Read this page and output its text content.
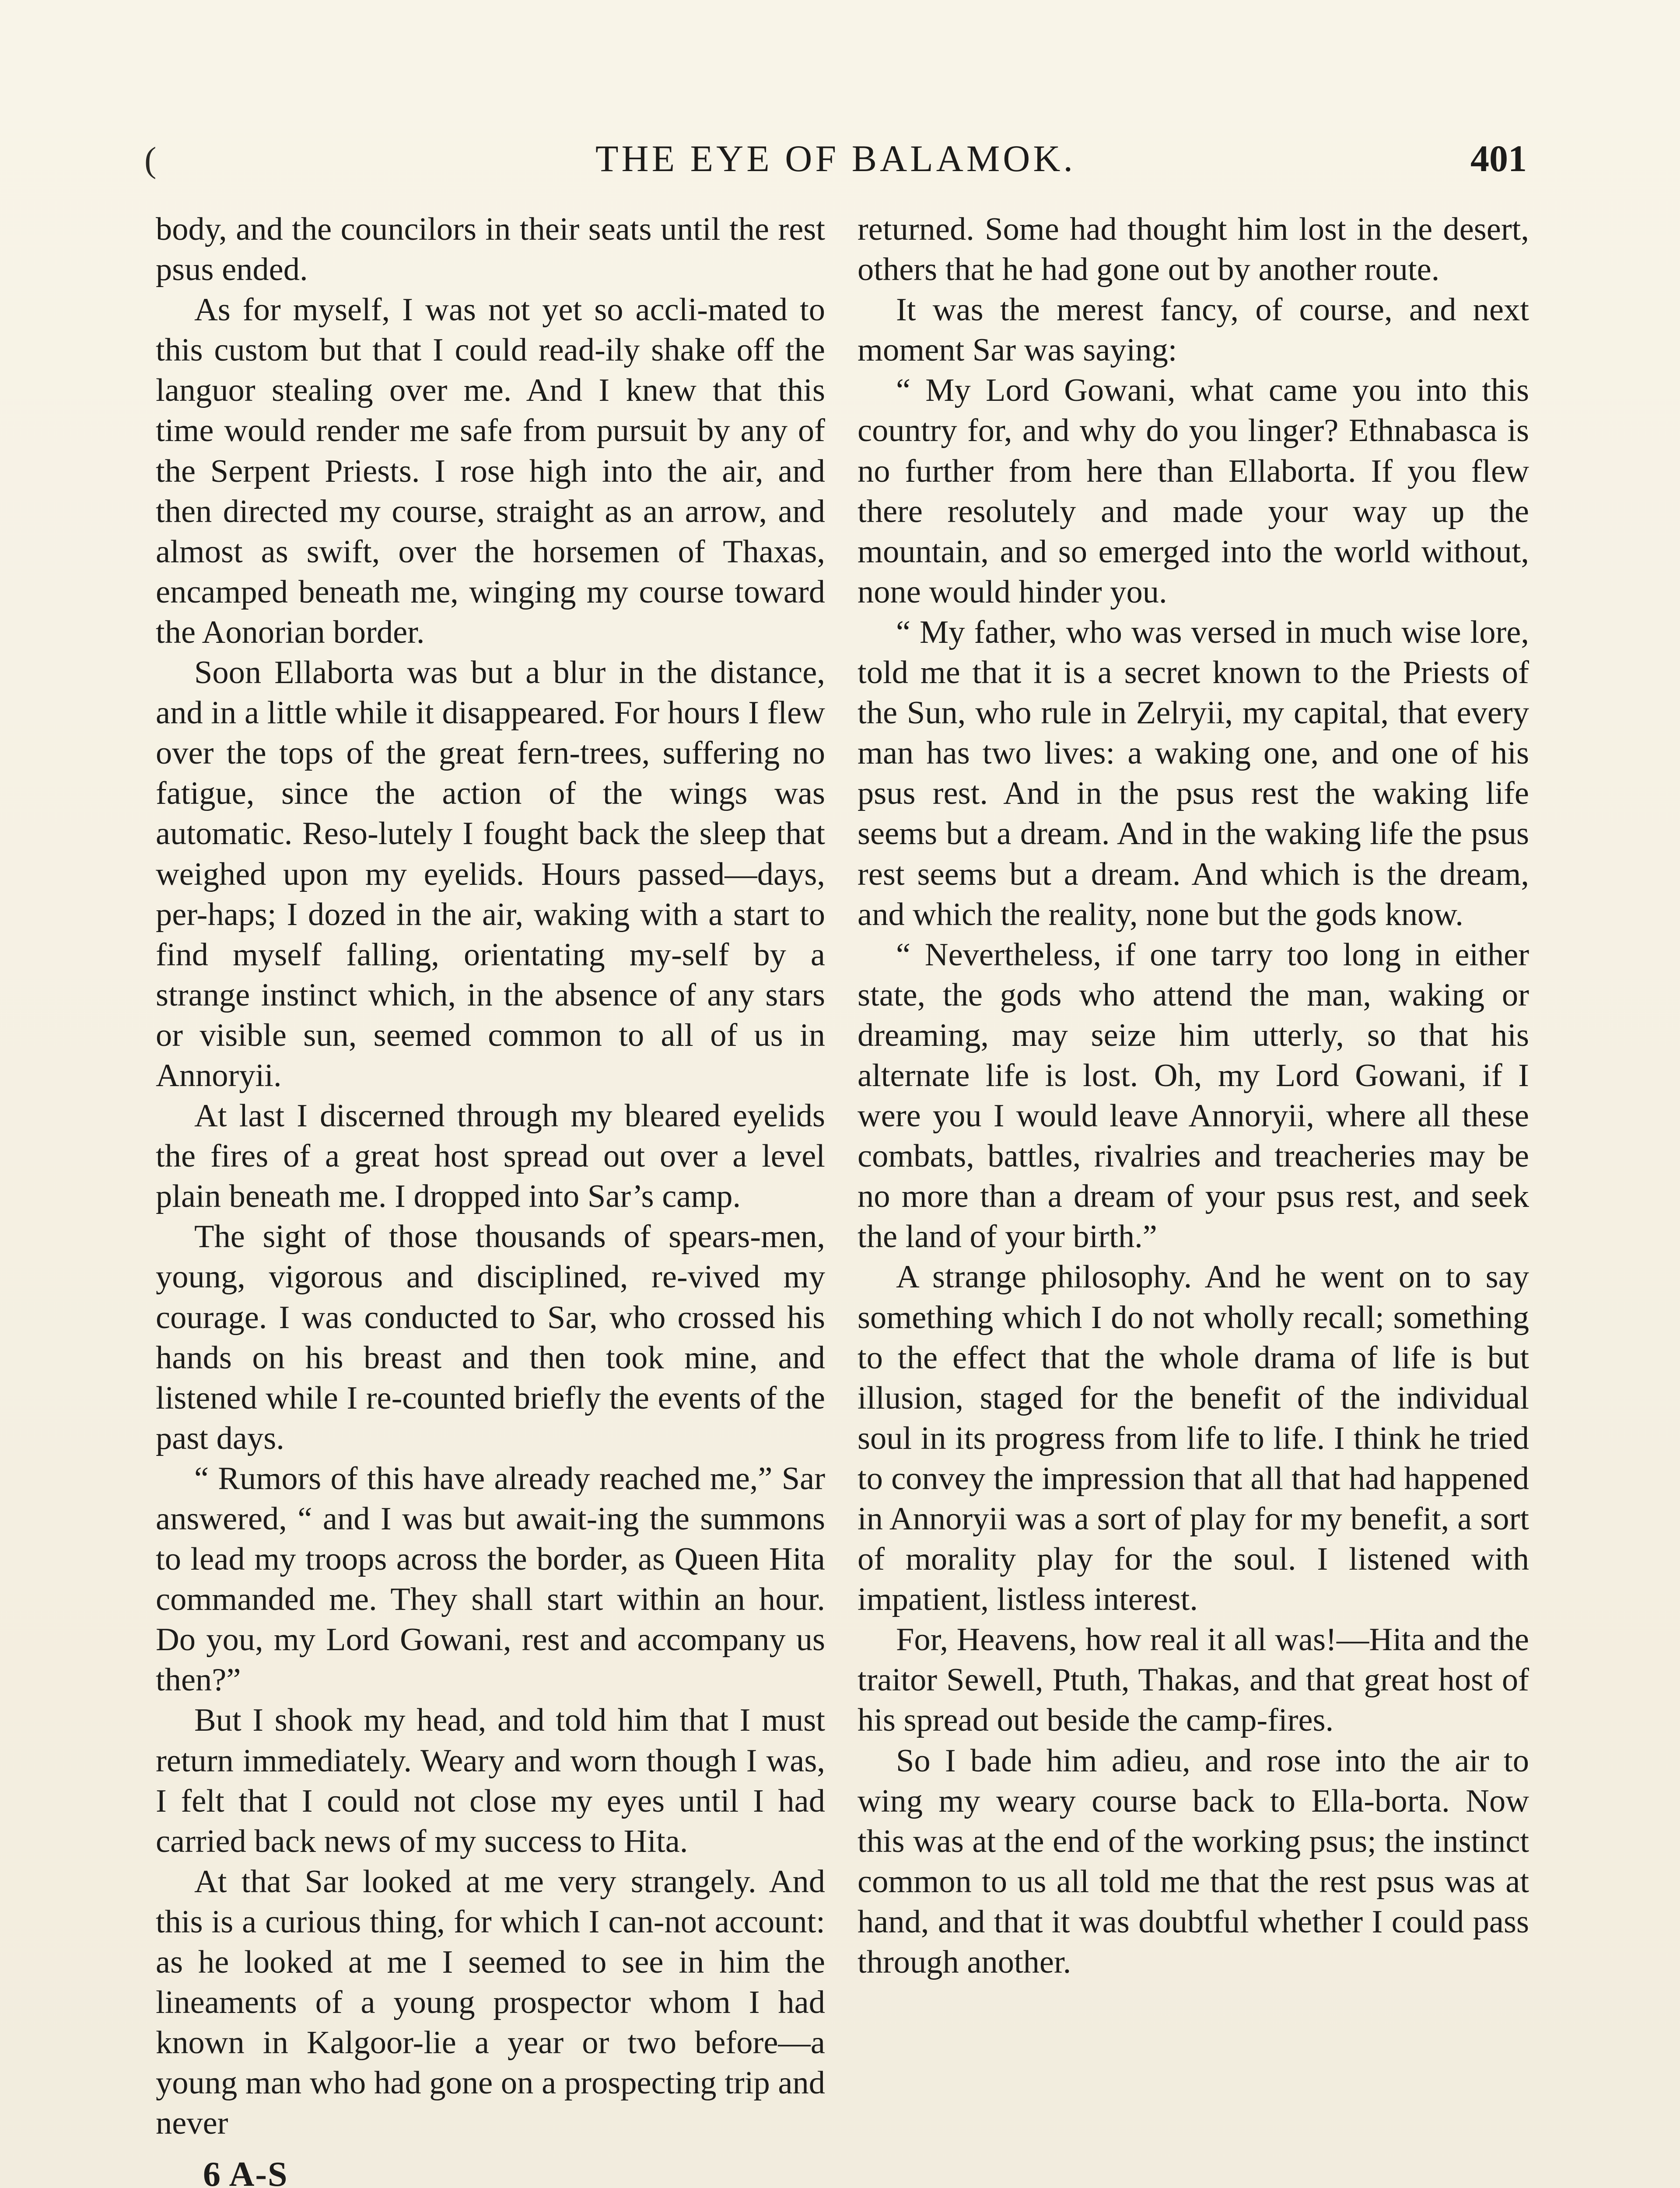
(	THE EYE OF BALAMOK.	401

body, and the councilors in their seats until the rest psus ended.

As for myself, I was not yet so accli-mated to this custom but that I could read-ily shake off the languor stealing over me. And I knew that this time would render me safe from pursuit by any of the Serpent Priests. I rose high into the air, and then directed my course, straight as an arrow, and almost as swift, over the horsemen of Thaxas, encamped beneath me, winging my course toward the Aonorian border.

Soon Ellaborta was but a blur in the distance, and in a little while it disappeared. For hours I flew over the tops of the great fern-trees, suffering no fatigue, since the action of the wings was automatic. Reso-lutely I fought back the sleep that weighed upon my eyelids. Hours passed—days, per-haps; I dozed in the air, waking with a start to find myself falling, orientating my-self by a strange instinct which, in the absence of any stars or visible sun, seemed common to all of us in Annoryii.

At last I discerned through my bleared eyelids the fires of a great host spread out over a level plain beneath me. I dropped into Sar’s camp.

The sight of those thousands of spears-men, young, vigorous and disciplined, re-vived my courage. I was conducted to Sar, who crossed his hands on his breast and then took mine, and listened while I re-counted briefly the events of the past days.

“ Rumors of this have already reached me,” Sar answered, “ and I was but await-ing the summons to lead my troops across the border, as Queen Hita commanded me. They shall start within an hour. Do you, my Lord Gowani, rest and accompany us then?”

But I shook my head, and told him that I must return immediately. Weary and worn though I was, I felt that I could not close my eyes until I had carried back news of my success to Hita.

At that Sar looked at me very strangely. And this is a curious thing, for which I can-not account: as he looked at me I seemed to see in him the lineaments of a young prospector whom I had known in Kalgoor-lie a year or two before—a young man who had gone on a prospecting trip and never

6 A-S

returned. Some had thought him lost in the desert, others that he had gone out by another route.

It was the merest fancy, of course, and next moment Sar was saying:

“ My Lord Gowani, what came you into this country for, and why do you linger? Ethnabasca is no further from here than Ellaborta. If you flew there resolutely and made your way up the mountain, and so emerged into the world without, none would hinder you.

“ My father, who was versed in much wise lore, told me that it is a secret known to the Priests of the Sun, who rule in Zelryii, my capital, that every man has two lives: a waking one, and one of his psus rest. And in the psus rest the waking life seems but a dream. And in the waking life the psus rest seems but a dream. And which is the dream, and which the reality, none but the gods know.

“ Nevertheless, if one tarry too long in either state, the gods who attend the man, waking or dreaming, may seize him utterly, so that his alternate life is lost. Oh, my Lord Gowani, if I were you I would leave Annoryii, where all these combats, battles, rivalries and treacheries may be no more than a dream of your psus rest, and seek the land of your birth.”

A strange philosophy. And he went on to say something which I do not wholly recall; something to the effect that the whole drama of life is but illusion, staged for the benefit of the individual soul in its progress from life to life. I think he tried to convey the impression that all that had happened in Annoryii was a sort of play for my benefit, a sort of morality play for the soul. I listened with impatient, listless interest.

For, Heavens, how real it all was!—Hita and the traitor Sewell, Ptuth, Thakas, and that great host of his spread out beside the camp-fires.

So I bade him adieu, and rose into the air to wing my weary course back to Ella-borta. Now this was at the end of the working psus; the instinct common to us all told me that the rest psus was at hand, and that it was doubtful whether I could pass through another.
